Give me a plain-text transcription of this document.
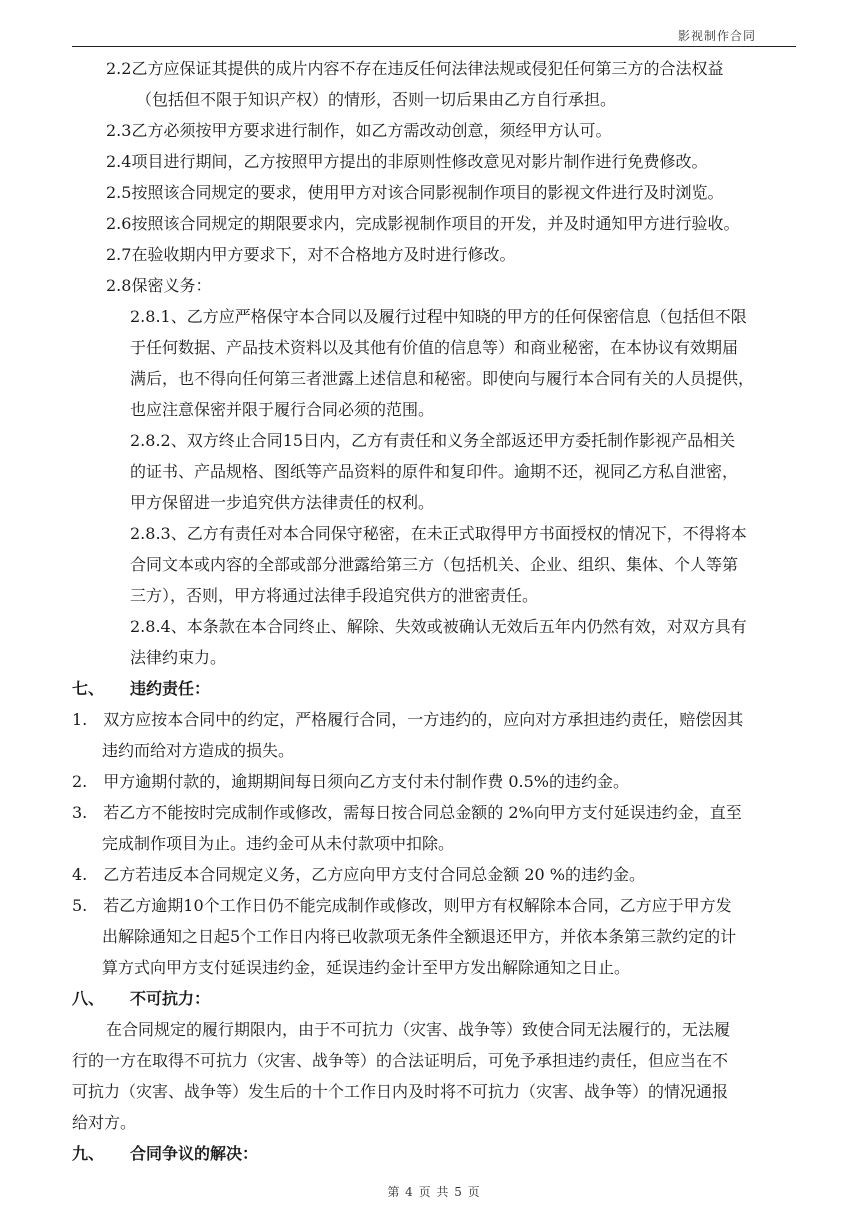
影视制作合同
2.2乙方应保证其提供的成片内容不存在违反任何法律法规或侵犯任何第三方的合法权益
（包括但不限于知识产权）的情形，否则一切后果由乙方自行承担。
2.3乙方必须按甲方要求进行制作，如乙方需改动创意，须经甲方认可。
2.4项目进行期间，乙方按照甲方提出的非原则性修改意见对影片制作进行免费修改。
2.5按照该合同规定的要求，使用甲方对该合同影视制作项目的影视文件进行及时浏览。
2.6按照该合同规定的期限要求内，完成影视制作项目的开发，并及时通知甲方进行验收。
2.7在验收期内甲方要求下，对不合格地方及时进行修改。
2.8保密义务：
2.8.1、乙方应严格保守本合同以及履行过程中知晓的甲方的任何保密信息（包括但不限
于任何数据、产品技术资料以及其他有价值的信息等）和商业秘密，在本协议有效期届
满后，也不得向任何第三者泄露上述信息和秘密。即使向与履行本合同有关的人员提供，
也应注意保密并限于履行合同必须的范围。
2.8.2、双方终止合同15日内，乙方有责任和义务全部返还甲方委托制作影视产品相关
的证书、产品规格、图纸等产品资料的原件和复印件。逾期不还，视同乙方私自泄密，
甲方保留进一步追究供方法律责任的权利。
2.8.3、乙方有责任对本合同保守秘密，在未正式取得甲方书面授权的情况下，不得将本
合同文本或内容的全部或部分泄露给第三方（包括机关、企业、组织、集体、个人等第
三方），否则，甲方将通过法律手段追究供方的泄密责任。
2.8.4、本条款在本合同终止、解除、失效或被确认无效后五年内仍然有效，对双方具有
法律约束力。
七、 违约责任：
1.　双方应按本合同中的约定，严格履行合同，一方违约的，应向对方承担违约责任，赔偿因其
违约而给对方造成的损失。
2.　甲方逾期付款的，逾期期间每日须向乙方支付未付制作费 0.5%的违约金。
3.　若乙方不能按时完成制作或修改，需每日按合同总金额的 2%向甲方支付延误违约金，直至
完成制作项目为止。违约金可从未付款项中扣除。
4.　乙方若违反本合同规定义务，乙方应向甲方支付合同总金额 20 %的违约金。
5.　若乙方逾期10个工作日仍不能完成制作或修改，则甲方有权解除本合同，乙方应于甲方发
出解除通知之日起5个工作日内将已收款项无条件全额退还甲方，并依本条第三款约定的计
算方式向甲方支付延误违约金，延误违约金计至甲方发出解除通知之日止。
八、 不可抗力：
在合同规定的履行期限内，由于不可抗力（灾害、战争等）致使合同无法履行的，无法履
行的一方在取得不可抗力（灾害、战争等）的合法证明后，可免予承担违约责任，但应当在不
可抗力（灾害、战争等）发生后的十个工作日内及时将不可抗力（灾害、战争等）的情况通报
给对方。
九、 合同争议的解决：
第 4 页 共 5 页
